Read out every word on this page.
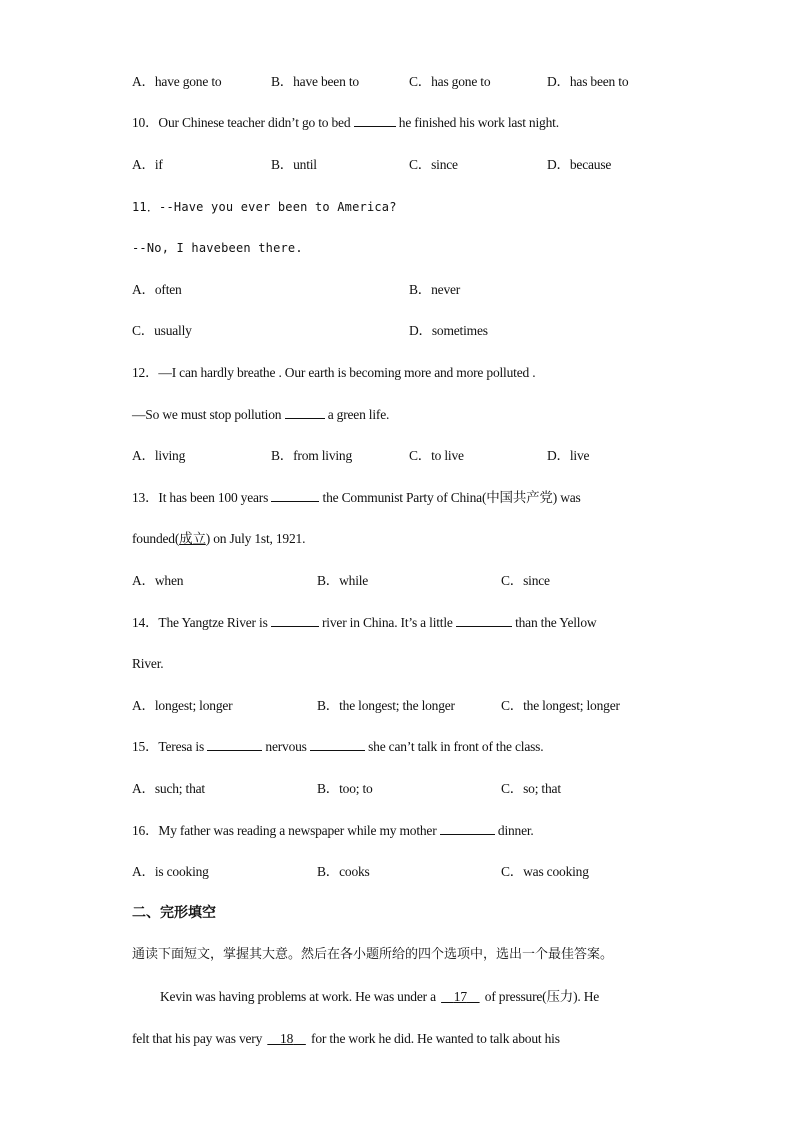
A．have gone to	B．have been to	C．has gone to	D．has been to
10．Our Chinese teacher didn’t go to bed	he finished his work last night.
A．if	B．until	C．since	D．because
11．--Have you ever been to America?
--No, I havebeen there.
A．often	B．never
C．usually	D．sometimes
12．—I can hardly breathe . Our earth is becoming more and more polluted .
—So we must stop pollution	a green life.
A．living	B．from living	C．to live	D．live
13．It has been 100 years	the Communist Party of China(中国共产党) was
founded(成立) on July 1st, 1921.
A．when	B．while	C．since
14．The Yangtze River is	river in China. It’s a little	than the Yellow
River.
A．longest; longer	B．the longest; the longer	C．the longest; longer
15．Teresa is	nervous	she can’t talk in front of the class.
A．such; that	B．too; to	C．so; that
16．My father was reading a newspaper while my mother	dinner.
A．is cooking	B．cooks	C．was cooking
二、完形填空
通读下面短文，掌握其大意。然后在各小题所给的四个选项中，选出一个最佳答案。
Kevin was having problems at work. He was under a 17 of pressure(压力). He
felt that his pay was very 18 for the work he did. He wanted to talk about his
